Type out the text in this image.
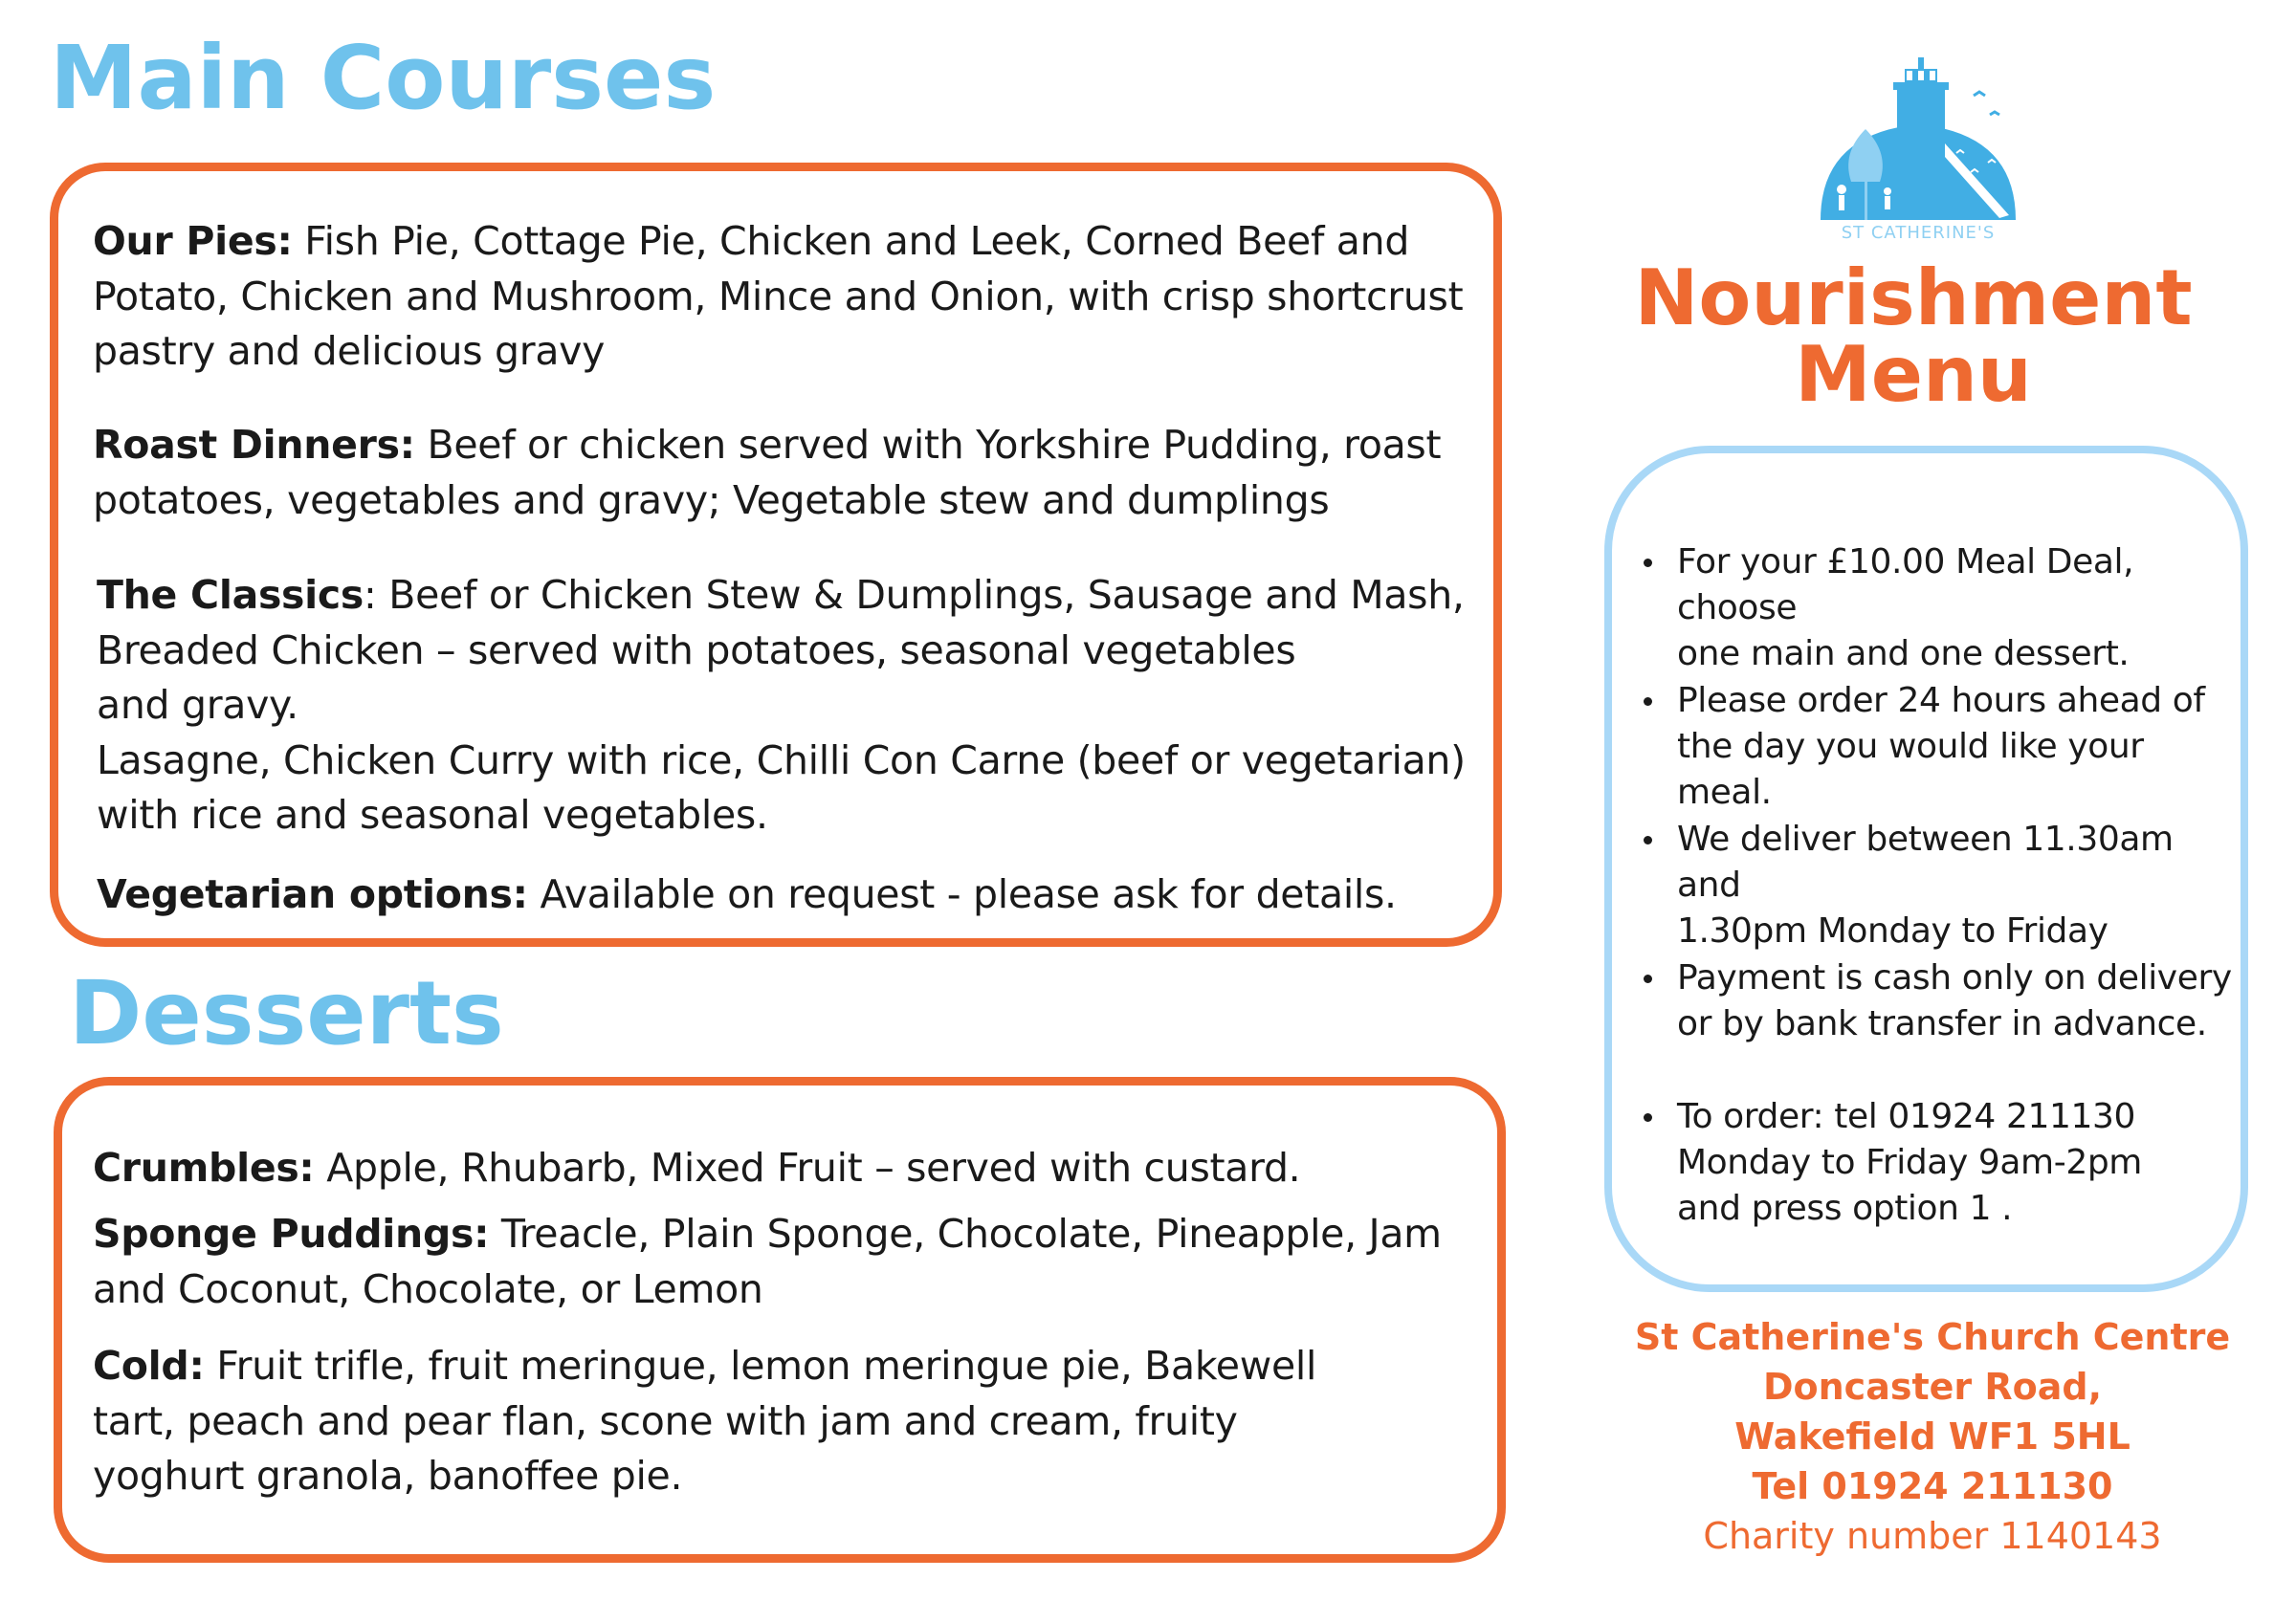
Main Courses

Our Pies: Fish Pie, Cottage Pie, Chicken and Leek, Corned Beef and
Potato, Chicken and Mushroom, Mince and Onion, with crisp shortcrust
pastry and delicious gravy

Roast Dinners: Beef or chicken served with Yorkshire Pudding, roast
potatoes, vegetables and gravy; Vegetable stew and dumplings

The Classics: Beef or Chicken Stew & Dumplings, Sausage and Mash,
Breaded Chicken – served with potatoes, seasonal vegetables
and gravy.
Lasagne, Chicken Curry with rice, Chilli Con Carne (beef or vegetarian)
with rice and seasonal vegetables.

Vegetarian options: Available on request - please ask for details.

Desserts

Crumbles: Apple, Rhubarb, Mixed Fruit – served with custard.

Sponge Puddings: Treacle, Plain Sponge, Chocolate, Pineapple, Jam
and Coconut, Chocolate, or Lemon

Cold: Fruit trifle, fruit meringue, lemon meringue pie, Bakewell
tart, peach and pear flan, scone with jam and cream, fruity
yoghurt granola, banoffee pie.

ST CATHERINE'S
Nourishment
Menu

For your £10.00 Meal Deal, choose
one main and one dessert.

Please order 24 hours ahead of
the day you would like your meal.

We deliver between 11.30am and
1.30pm Monday to Friday

Payment is cash only on delivery
or by bank transfer in advance.

To order: tel 01924 211130
Monday to Friday 9am-2pm
and press option 1 .

St Catherine's Church Centre
Doncaster Road,
Wakefield WF1 5HL
Tel 01924 211130
Charity number 1140143
